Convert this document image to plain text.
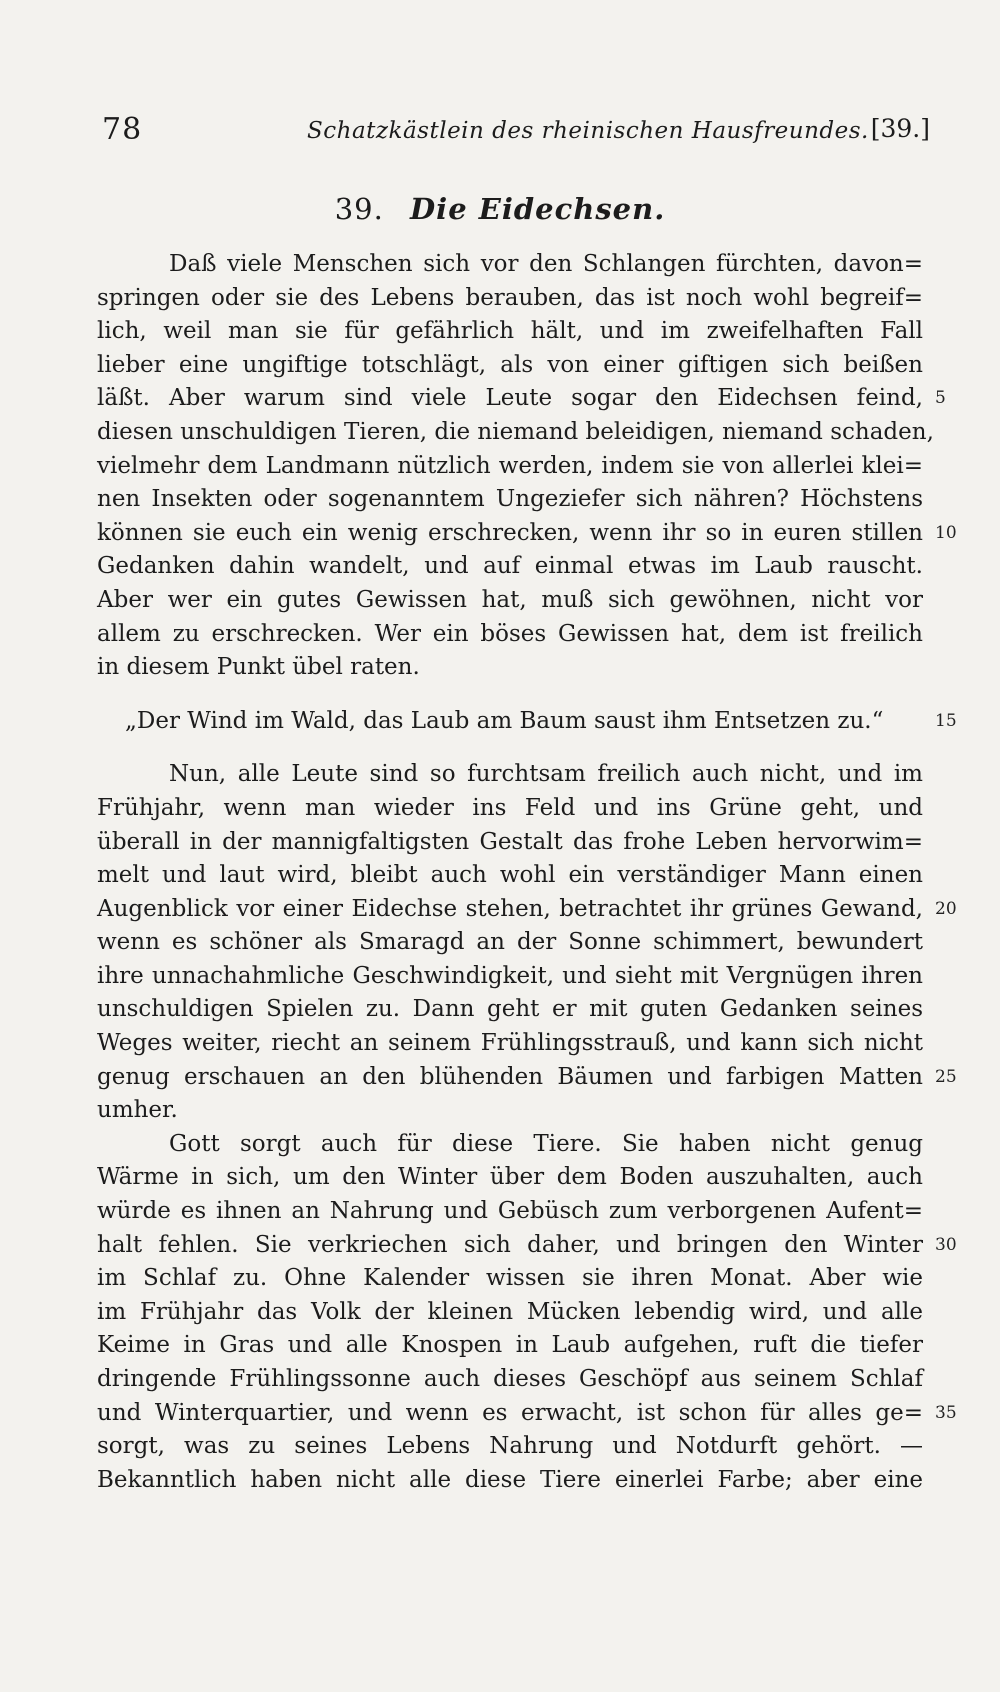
78	Schatzkästlein des rheinischen Hausfreundes. [39.]
39. Die Eidechsen.
Daß viele Menschen sich vor den Schlangen fürchten, davon=
springen oder sie des Lebens berauben, das ist noch wohl begreif=
lich, weil man sie für gefährlich hält, und im zweifelhaften Fall
lieber eine ungiftige totschlägt, als von einer giftigen sich beißen
läßt. Aber warum sind viele Leute sogar den Eidechsen feind, 5
diesen unschuldigen Tieren, die niemand beleidigen, niemand schaden,
vielmehr dem Landmann nützlich werden, indem sie von allerlei klei=
nen Insekten oder sogenanntem Ungeziefer sich nähren? Höchstens
können sie euch ein wenig erschrecken, wenn ihr so in euren stillen 10
Gedanken dahin wandelt, und auf einmal etwas im Laub rauscht.
Aber wer ein gutes Gewissen hat, muß sich gewöhnen, nicht vor
allem zu erschrecken. Wer ein böses Gewissen hat, dem ist freilich
in diesem Punkt übel raten.
„Der Wind im Wald, das Laub am Baum saust ihm Entsetzen zu.“	15
Nun, alle Leute sind so furchtsam freilich auch nicht, und im
Frühjahr, wenn man wieder ins Feld und ins Grüne geht, und
überall in der mannigfaltigsten Gestalt das frohe Leben hervorwim=
melt und laut wird, bleibt auch wohl ein verständiger Mann einen
Augenblick vor einer Eidechse stehen, betrachtet ihr grünes Gewand, 20
wenn es schöner als Smaragd an der Sonne schimmert, bewundert
ihre unnachahmliche Geschwindigkeit, und sieht mit Vergnügen ihren
unschuldigen Spielen zu. Dann geht er mit guten Gedanken seines
Weges weiter, riecht an seinem Frühlingsstrauß, und kann sich nicht
genug erschauen an den blühenden Bäumen und farbigen Matten 25
umher.
Gott sorgt auch für diese Tiere. Sie haben nicht genug
Wärme in sich, um den Winter über dem Boden auszuhalten, auch
würde es ihnen an Nahrung und Gebüsch zum verborgenen Aufent=
halt fehlen. Sie verkriechen sich daher, und bringen den Winter 30
im Schlaf zu. Ohne Kalender wissen sie ihren Monat. Aber wie
im Frühjahr das Volk der kleinen Mücken lebendig wird, und alle
Keime in Gras und alle Knospen in Laub aufgehen, ruft die tiefer
dringende Frühlingssonne auch dieses Geschöpf aus seinem Schlaf
und Winterquartier, und wenn es erwacht, ist schon für alles ge= 35
sorgt, was zu seines Lebens Nahrung und Notdurft gehört. —
Bekanntlich haben nicht alle diese Tiere einerlei Farbe; aber eine
